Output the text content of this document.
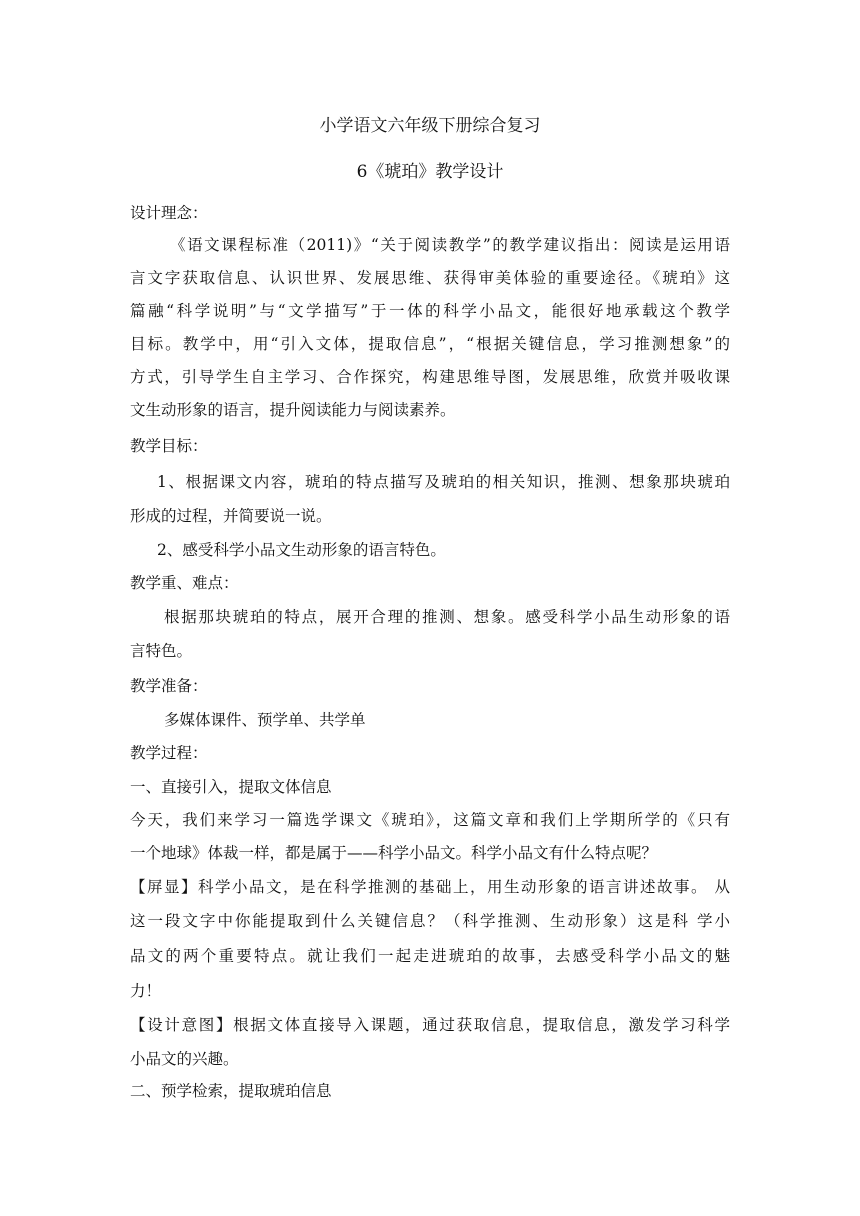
小学语文六年级下册综合复习
6《琥珀》教学设计
设计理念：
《语文课程标准（2011)》“关于阅读教学”的教学建议指出：阅读是运用语
言文字获取信息、认识世界、发展思维、获得审美体验的重要途径。《琥珀》这
篇融“科学说明”与“文学描写”于一体的科学小品文，能很好地承载这个教学
目标。教学中，用“引入文体，提取信息”，“根据关键信息，学习推测想象”的
方式，引导学生自主学习、合作探究，构建思维导图，发展思维，欣赏并吸收课
文生动形象的语言，提升阅读能力与阅读素养。
教学目标：
1、根据课文内容，琥珀的特点描写及琥珀的相关知识，推测、想象那块琥珀
形成的过程，并简要说一说。
2、感受科学小品文生动形象的语言特色。
教学重、难点：
根据那块琥珀的特点，展开合理的推测、想象。感受科学小品生动形象的语
言特色。
教学准备：
多媒体课件、预学单、共学单
教学过程：
一、直接引入，提取文体信息
今天，我们来学习一篇选学课文《琥珀》，这篇文章和我们上学期所学的《只有
一个地球》体裁一样，都是属于——科学小品文。科学小品文有什么特点呢？
【屏显】科学小品文，是在科学推测的基础上，用生动形象的语言讲述故事。 从
这一段文字中你能提取到什么关键信息？（科学推测、生动形象）这是科 学小
品文的两个重要特点。就让我们一起走进琥珀的故事，去感受科学小品文的魅
力！
【设计意图】根据文体直接导入课题，通过获取信息，提取信息，激发学习科学
小品文的兴趣。
二、预学检索，提取琥珀信息
